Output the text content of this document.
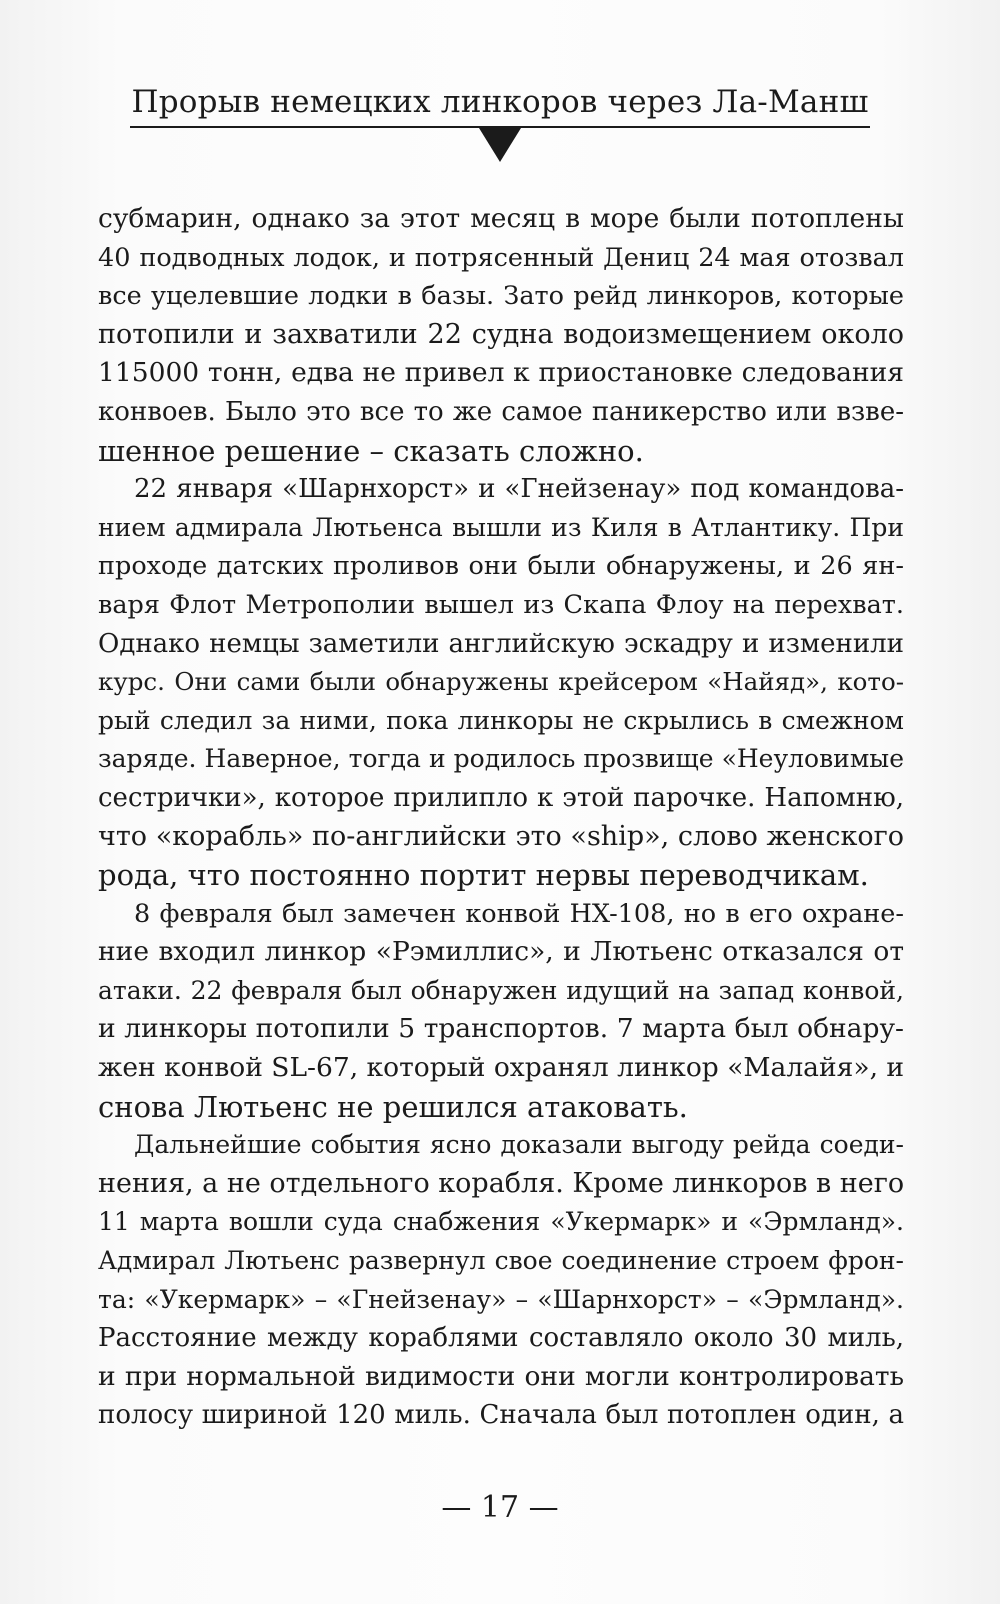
Прорыв немецких линкоров через Ла-Манш
субмарин, однако за этот месяц в море были потоплены
40 подводных лодок, и потрясенный Дениц 24 мая отозвал
все уцелевшие лодки в базы. Зато рейд линкоров, которые
потопили и захватили 22 судна водоизмещением около
115000 тонн, едва не привел к приостановке следования
конвоев. Было это все то же самое паникерство или взве-
шенное решение – сказать сложно.
22 января «Шарнхорст» и «Гнейзенау» под командова-
нием адмирала Лютьенса вышли из Киля в Атлантику. При
проходе датских проливов они были обнаружены, и 26 ян-
варя Флот Метрополии вышел из Скапа Флоу на перехват.
Однако немцы заметили английскую эскадру и изменили
курс. Они сами были обнаружены крейсером «Найяд», кото-
рый следил за ними, пока линкоры не скрылись в смежном
заряде. Наверное, тогда и родилось прозвище «Неуловимые
сестрички», которое прилипло к этой парочке. Напомню,
что «корабль» по-английски это «ship», слово женского
рода, что постоянно портит нервы переводчикам.
8 февраля был замечен конвой HX-108, но в его охране-
ние входил линкор «Рэмиллис», и Лютьенс отказался от
атаки. 22 февраля был обнаружен идущий на запад конвой,
и линкоры потопили 5 транспортов. 7 марта был обнару-
жен конвой SL-67, который охранял линкор «Малайя», и
снова Лютьенс не решился атаковать.
Дальнейшие события ясно доказали выгоду рейда соеди-
нения, а не отдельного корабля. Кроме линкоров в него
11 марта вошли суда снабжения «Укермарк» и «Эрмланд».
Адмирал Лютьенс развернул свое соединение строем фрон-
та: «Укермарк» – «Гнейзенау» – «Шарнхорст» – «Эрмланд».
Расстояние между кораблями составляло около 30 миль,
и при нормальной видимости они могли контролировать
полосу шириной 120 миль. Сначала был потоплен один, а
— 17 —
